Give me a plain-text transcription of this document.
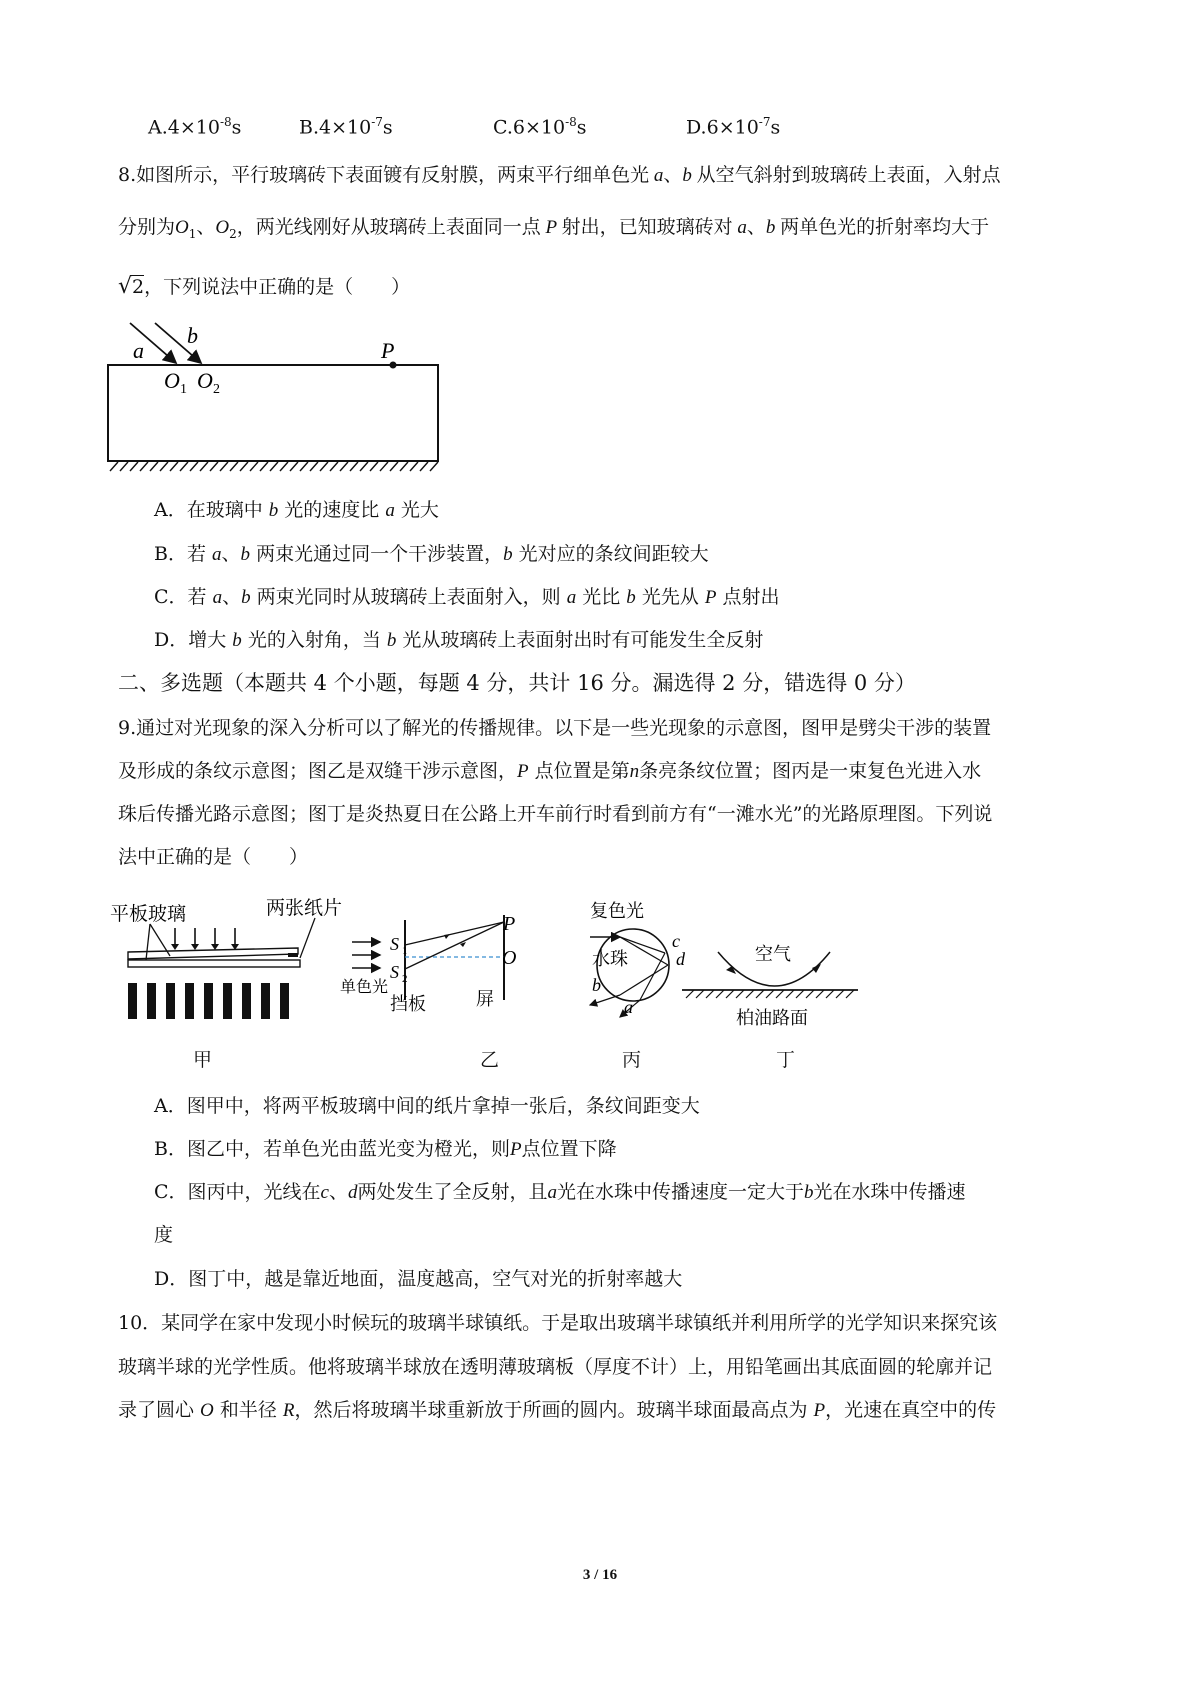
$A.4\times 10^{-8}s$	$B.4\times 10^{-7}s$	$C.6\times 10^{-8}s$	$D.6\times 10^{-7}s$
8.如图所示，平行玻璃砖下表面镀有反射膜，两束平行细单色光 a、b 从空气斜射到玻璃砖上表面，入射点
分别为$O_1$、$O_2$，两光线刚好从玻璃砖上表面同一点 P 射出，已知玻璃砖对 a、b 两单色光的折射率均大于
√2，下列说法中正确的是（　　）
a
b
P
O 1 O 2
A．在玻璃中 b 光的速度比 a 光大
B．若 a、b 两束光通过同一个干涉装置，b 光对应的条纹间距较大
C．若 a、b 两束光同时从玻璃砖上表面射入，则 a 光比 b 光先从 P 点射出
D．增大 b 光的入射角，当 b 光从玻璃砖上表面射出时有可能发生全反射
二、多选题（本题共 4 个小题，每题 4 分，共计 16 分。漏选得 2 分，错选得 0 分）
9.通过对光现象的深入分析可以了解光的传播规律。以下是一些光现象的示意图，图甲是劈尖干涉的装置
及形成的条纹示意图；图乙是双缝干涉示意图，P 点位置是第n条亮条纹位置；图丙是一束复色光进入水
珠后传播光路示意图；图丁是炎热夏日在公路上开车前行时看到前方有“一滩水光”的光路原理图。下列说
法中正确的是（　　）
平板玻璃	两张纸片
甲
S 1
S 2
P
O
单色光
挡板	屏
乙
复色光
水珠
c
d
b
a
丙
空气
柏油路面
丁
A．图甲中，将两平板玻璃中间的纸片拿掉一张后，条纹间距变大
B．图乙中，若单色光由蓝光变为橙光，则P点位置下降
C．图丙中，光线在c、d两处发生了全反射，且a光在水珠中传播速度一定大于b光在水珠中传播速
度
D．图丁中，越是靠近地面，温度越高，空气对光的折射率越大
10．某同学在家中发现小时候玩的玻璃半球镇纸。于是取出玻璃半球镇纸并利用所学的光学知识来探究该
玻璃半球的光学性质。他将玻璃半球放在透明薄玻璃板（厚度不计）上，用铅笔画出其底面圆的轮廓并记
录了圆心 O 和半径 R，然后将玻璃半球重新放于所画的圆内。玻璃半球面最高点为 P，光速在真空中的传
3 / 16
